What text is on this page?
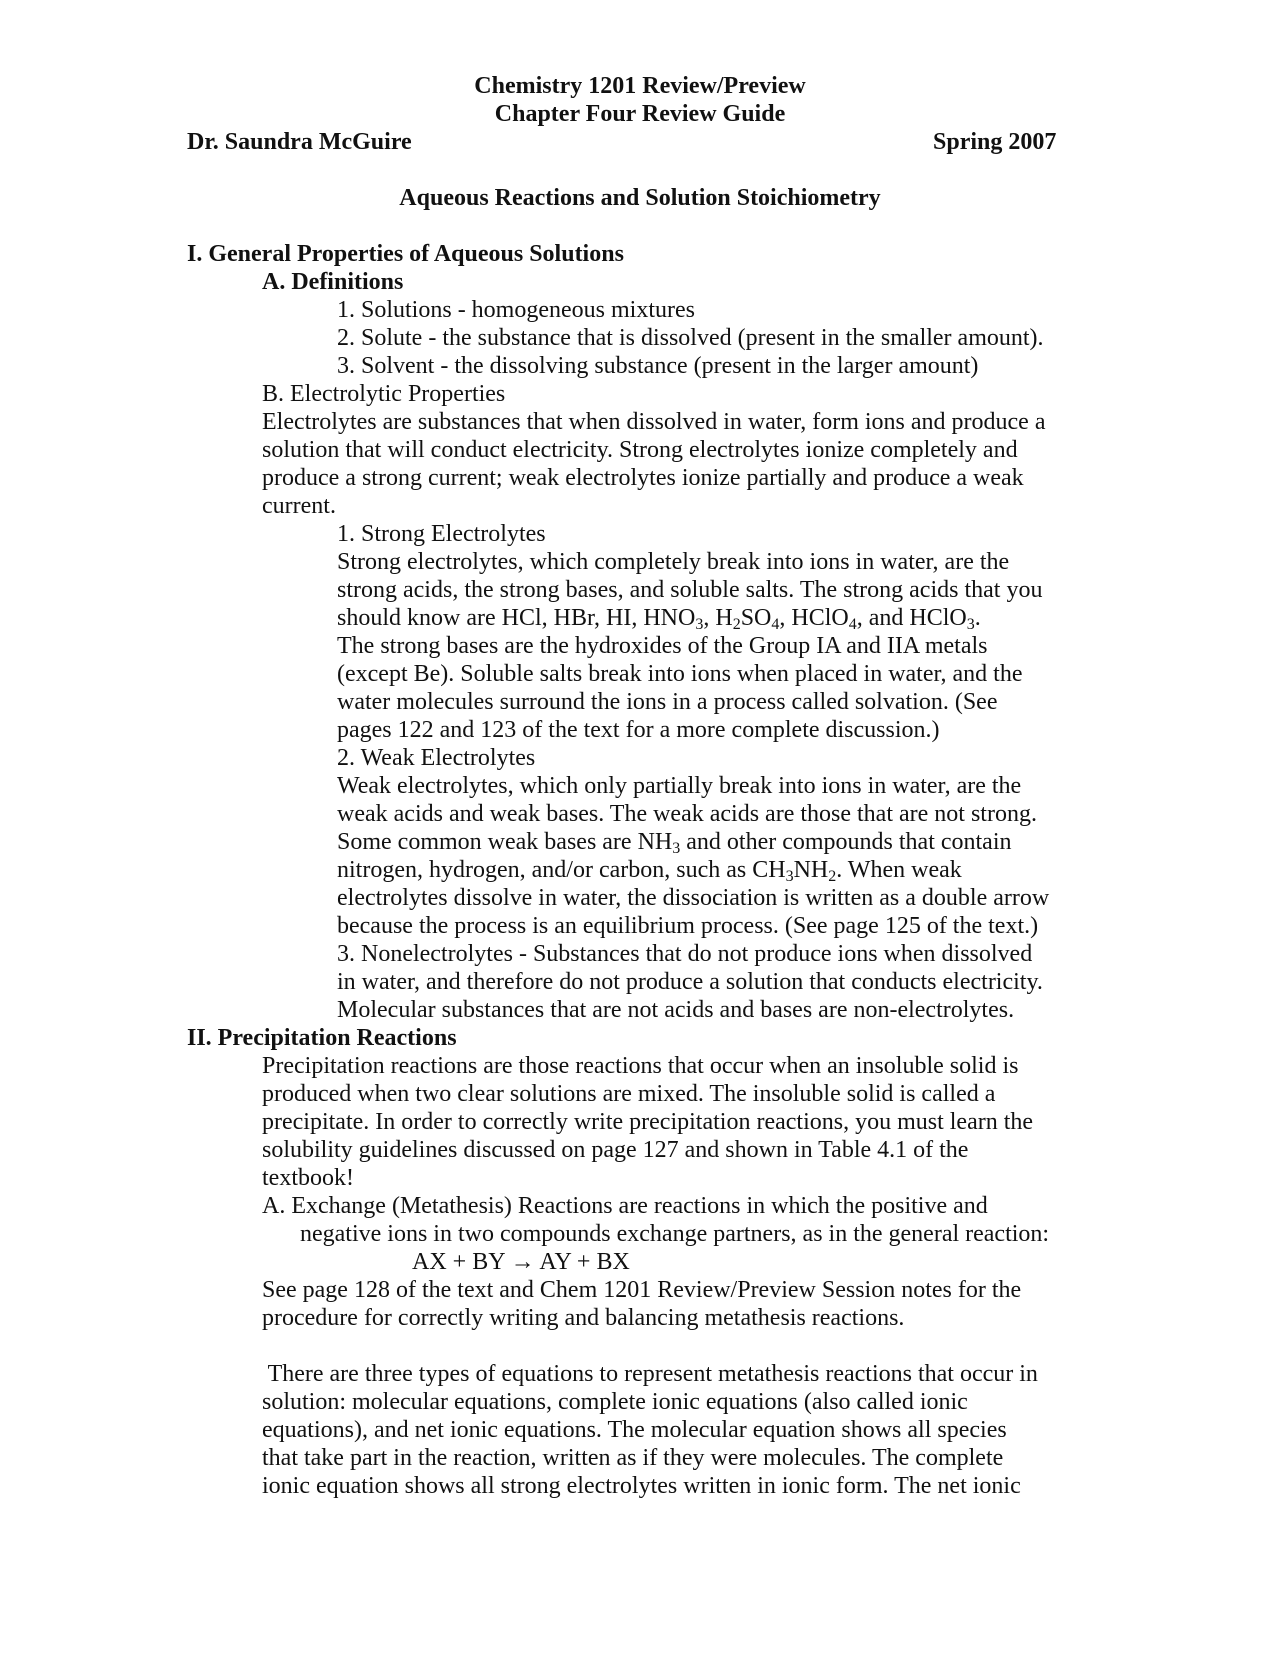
Chemistry 1201 Review/Preview
Chapter Four Review Guide
Dr. Saundra McGuire	Spring 2007
Aqueous Reactions and Solution Stoichiometry
I. General Properties of Aqueous Solutions
A. Definitions
1. Solutions - homogeneous mixtures
2. Solute - the substance that is dissolved (present in the smaller amount).
3. Solvent - the dissolving substance (present in the larger amount)
B. Electrolytic Properties
Electrolytes are substances that when dissolved in water, form ions and produce a
solution that will conduct electricity. Strong electrolytes ionize completely and
produce a strong current; weak electrolytes ionize partially and produce a weak
current.
1. Strong Electrolytes
Strong electrolytes, which completely break into ions in water, are the
strong acids, the strong bases, and soluble salts. The strong acids that you
should know are HCl, HBr, HI, $HNO_3$, $H_2SO_4$, HClO$_4$, and HClO$_3$.
The strong bases are the hydroxides of the Group IA and IIA metals
(except Be). Soluble salts break into ions when placed in water, and the
water molecules surround the ions in a process called solvation. (See
pages 122 and 123 of the text for a more complete discussion.)
2. Weak Electrolytes
Weak electrolytes, which only partially break into ions in water, are the
weak acids and weak bases. The weak acids are those that are not strong.
Some common weak bases are $NH_3$ and other compounds that contain
nitrogen, hydrogen, and/or carbon, such as $CH_3NH_2$. When weak
electrolytes dissolve in water, the dissociation is written as a double arrow
because the process is an equilibrium process. (See page 125 of the text.)
3. Nonelectrolytes - Substances that do not produce ions when dissolved
in water, and therefore do not produce a solution that conducts electricity.
Molecular substances that are not acids and bases are non-electrolytes.
II. Precipitation Reactions
Precipitation reactions are those reactions that occur when an insoluble solid is
produced when two clear solutions are mixed. The insoluble solid is called a
precipitate. In order to correctly write precipitation reactions, you must learn the
solubility guidelines discussed on page 127 and shown in Table 4.1 of the
textbook!
A. Exchange (Metathesis) Reactions are reactions in which the positive and
negative ions in two compounds exchange partners, as in the general reaction:
AX + BY → AY + BX
See page 128 of the text and Chem 1201 Review/Preview Session notes for the
procedure for correctly writing and balancing metathesis reactions.
There are three types of equations to represent metathesis reactions that occur in
solution: molecular equations, complete ionic equations (also called ionic
equations), and net ionic equations. The molecular equation shows all species
that take part in the reaction, written as if they were molecules. The complete
ionic equation shows all strong electrolytes written in ionic form. The net ionic
